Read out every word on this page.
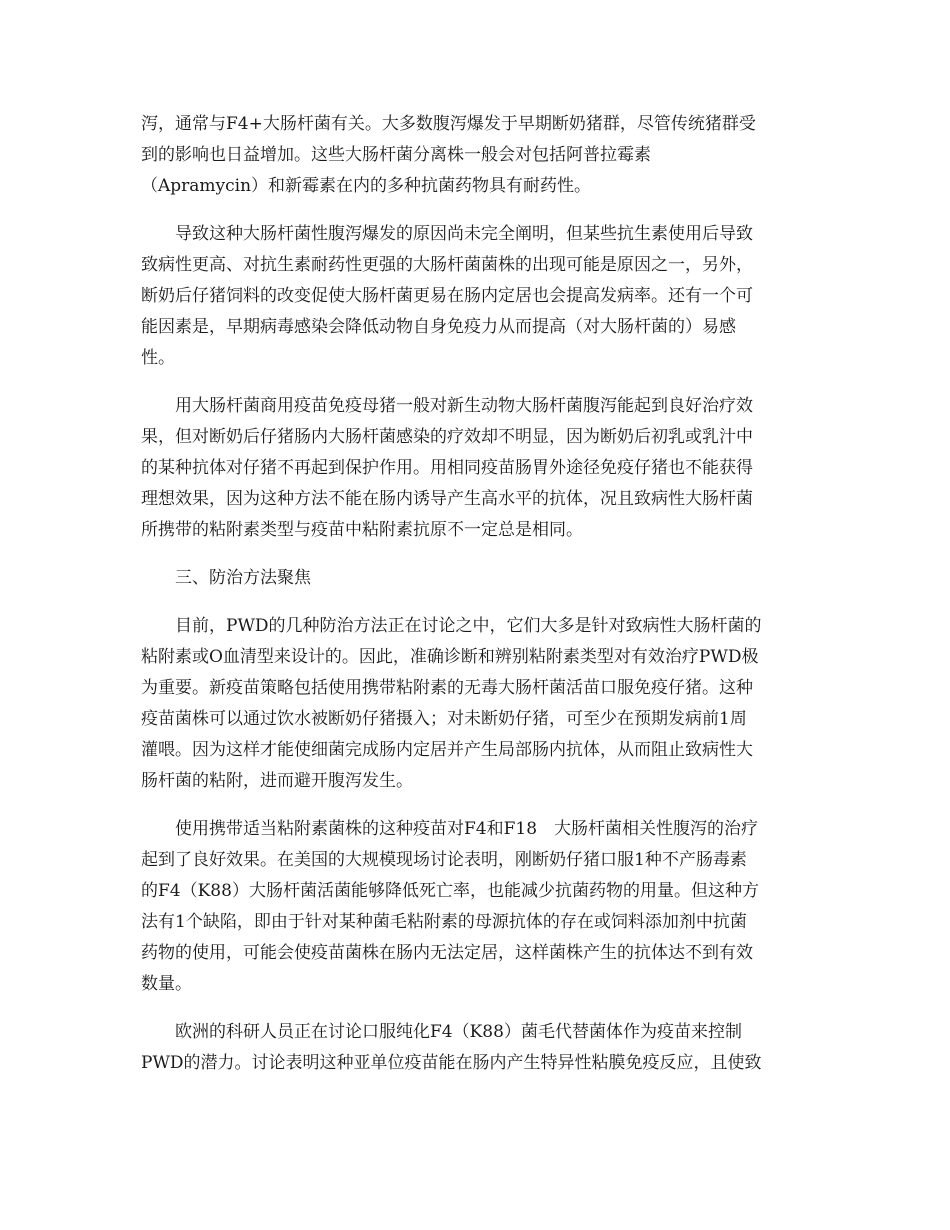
泻，通常与F4+大肠杆菌有关。大多数腹泻爆发于早期断奶猪群，尽管传统猪群受
到的影响也日益增加。这些大肠杆菌分离株一般会对包括阿普拉霉素
（Apramycin）和新霉素在内的多种抗菌药物具有耐药性。
导致这种大肠杆菌性腹泻爆发的原因尚未完全阐明，但某些抗生素使用后导致
致病性更高、对抗生素耐药性更强的大肠杆菌菌株的出现可能是原因之一，另外，
断奶后仔猪饲料的改变促使大肠杆菌更易在肠内定居也会提高发病率。还有一个可
能因素是，早期病毒感染会降低动物自身免疫力从而提高（对大肠杆菌的）易感
性。
用大肠杆菌商用疫苗免疫母猪一般对新生动物大肠杆菌腹泻能起到良好治疗效
果，但对断奶后仔猪肠内大肠杆菌感染的疗效却不明显，因为断奶后初乳或乳汁中
的某种抗体对仔猪不再起到保护作用。用相同疫苗肠胃外途径免疫仔猪也不能获得
理想效果，因为这种方法不能在肠内诱导产生高水平的抗体，况且致病性大肠杆菌
所携带的粘附素类型与疫苗中粘附素抗原不一定总是相同。
三、防治方法聚焦
目前，PWD的几种防治方法正在讨论之中，它们大多是针对致病性大肠杆菌的
粘附素或O血清型来设计的。因此，准确诊断和辨别粘附素类型对有效治疗PWD极
为重要。新疫苗策略包括使用携带粘附素的无毒大肠杆菌活苗口服免疫仔猪。这种
疫苗菌株可以通过饮水被断奶仔猪摄入；对未断奶仔猪，可至少在预期发病前1周
灌喂。因为这样才能使细菌完成肠内定居并产生局部肠内抗体，从而阻止致病性大
肠杆菌的粘附，进而避开腹泻发生。
使用携带适当粘附素菌株的这种疫苗对F4和F18　大肠杆菌相关性腹泻的治疗
起到了良好效果。在美国的大规模现场讨论表明，刚断奶仔猪口服1种不产肠毒素
的F4（K88）大肠杆菌活菌能够降低死亡率，也能减少抗菌药物的用量。但这种方
法有1个缺陷，即由于针对某种菌毛粘附素的母源抗体的存在或饲料添加剂中抗菌
药物的使用，可能会使疫苗菌株在肠内无法定居，这样菌株产生的抗体达不到有效
数量。
欧洲的科研人员正在讨论口服纯化F4（K88）菌毛代替菌体作为疫苗来控制
PWD的潜力。讨论表明这种亚单位疫苗能在肠内产生特异性粘膜免疫反应，且使致
